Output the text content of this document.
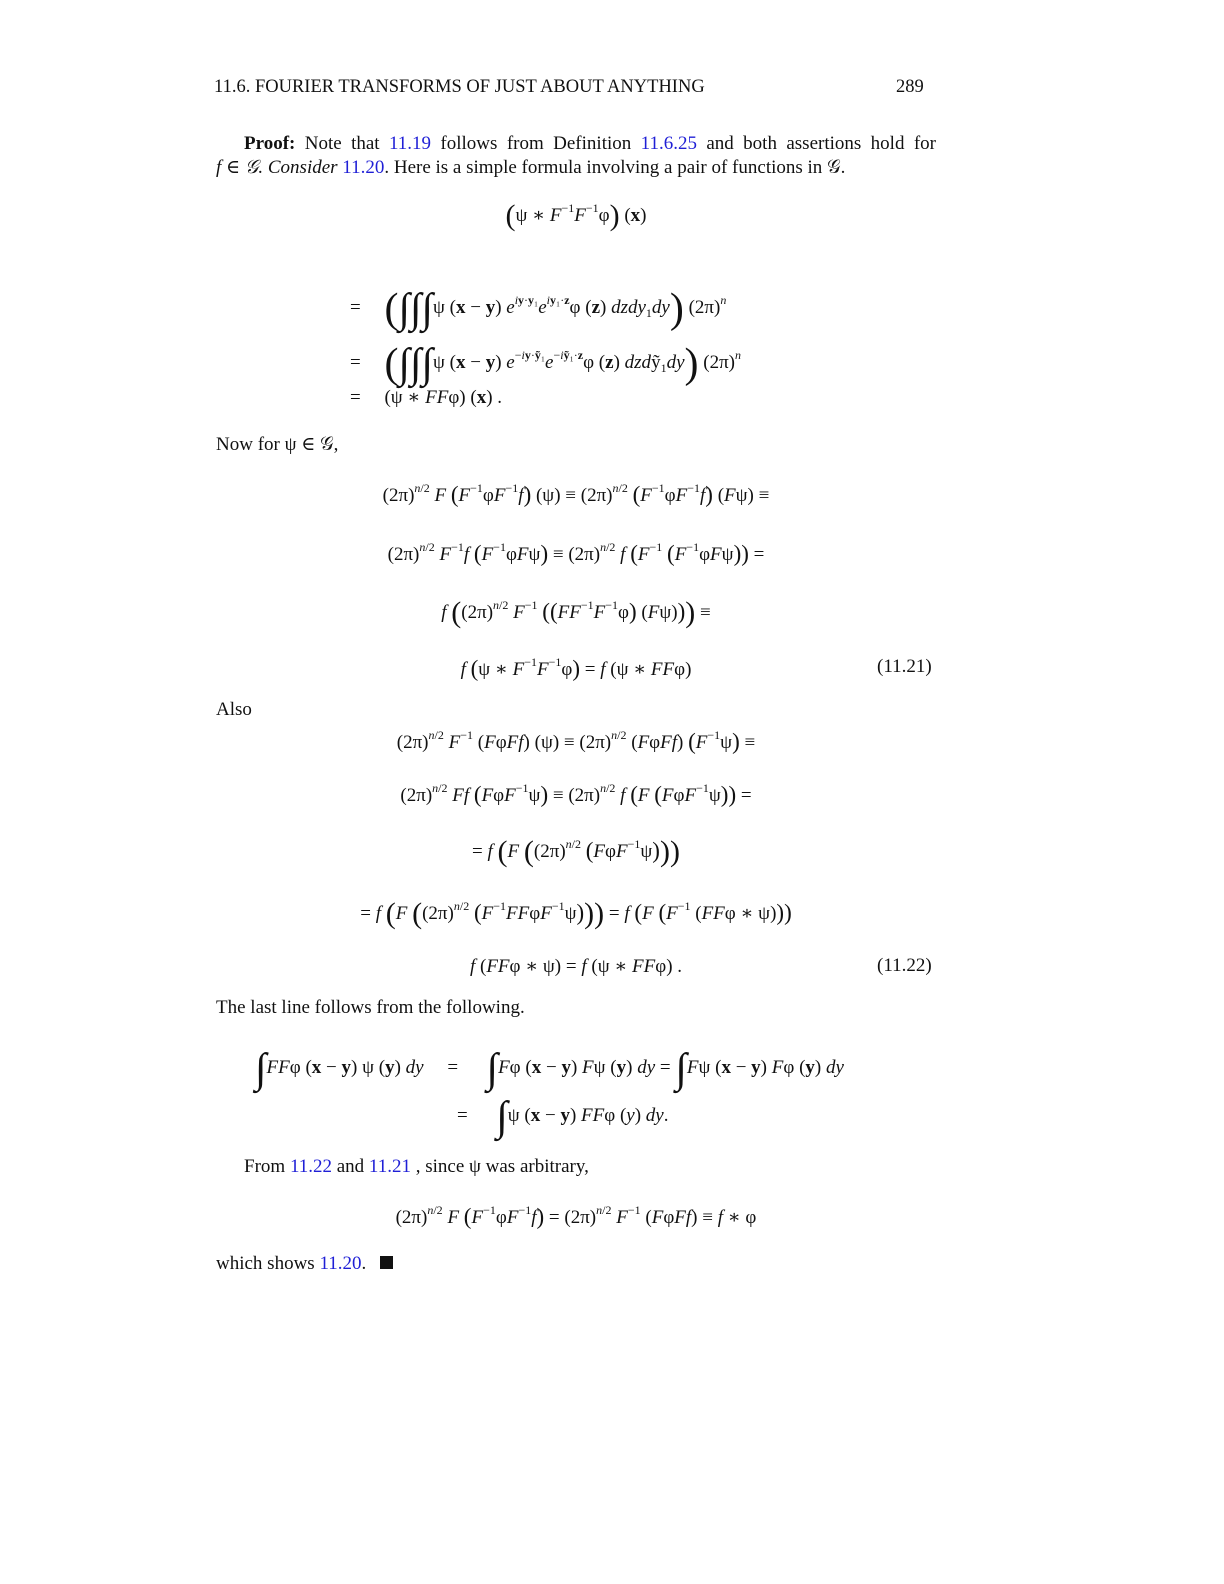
11.6. FOURIER TRANSFORMS OF JUST ABOUT ANYTHING	289
Proof: Note that 11.19 follows from Definition 11.6.25 and both assertions hold for
f ∈ 𝒢. Consider 11.20. Here is a simple formula involving a pair of functions in 𝒢.
(ψ ∗ $F^{-1}F^{-1}\varphi$) (x)
=     (∫∫∫ψ (x − y) $e^{iy\cdot y_1}e^{iy_1\cdot z}\varphi$ (z) dzdy$_1$dy) $(2\pi)^n$
=     (∫∫∫ψ (x − y) $e^{-iy\cdot ỹ_1}e^{-iỹ_1\cdot z}\varphi$ (z) dzdỹ$_1$dy) $(2\pi)^n$
=     (ψ ∗ FFφ) (x) .
Now for ψ ∈ 𝒢,
$(2\pi)^{n/2}$ F $(F^{-1}\varphi F^{-1}f) (\psi) \equiv (2\pi)^{n/2}$ $(F^{-1}\varphi F^{-1}f) (F\psi)$ ≡
$(2\pi)^{n/2}$ $F^{-1}f$ $(F^{-1}\varphi F\psi) \equiv (2\pi)^{n/2}$ f ($F^{-1}$ $(F^{-1}\varphi F\psi)$) =
f ($(2\pi)^{n/2}$ $F^{-1}$ $((FF^{-1}F^{-1}\varphi) (F\psi))$) ≡
f (ψ ∗ $F^{-1}F^{-1}\varphi) = f$ (ψ ∗ FFφ)	(11.21)
Also
$(2\pi)^{n/2}$ $F^{-1}$ (FφFf) $(\psi) \equiv (2\pi)^{n/2}$ (FφFf) $(F^{-1}\psi)$ ≡
$(2\pi)^{n/2}$ Ff $(F\varphi F^{-1}\psi) \equiv (2\pi)^{n/2}$ f (F (FφF$^{-1}$ψ)) =
= f (F ($(2\pi)^{n/2}$ (FφF$^{-1}$ψ)))
= f (F ($(2\pi)^{n/2}$ $(F^{-1}FF\varphi F^{-1}\psi))) = f$ (F ($F^{-1}$ (FFφ ∗ ψ)))
f (FFφ ∗ ψ) = f (ψ ∗ FFφ) .	(11.22)
The last line follows from the following.
∫FFφ (x − y) ψ (y) dy     =      ∫Fφ (x − y) Fψ (y) dy = ∫Fψ (x − y) Fφ (y) dy
=      ∫ψ (x − y) FFφ (y) dy.
From 11.22 and 11.21 , since ψ was arbitrary,
$(2\pi)^{n/2}$ F $(F^{-1}\varphi F^{-1}f) = (2\pi)^{n/2}$ $F^{-1}$ (FφFf) ≡ f ∗ φ
which shows 11.20.
